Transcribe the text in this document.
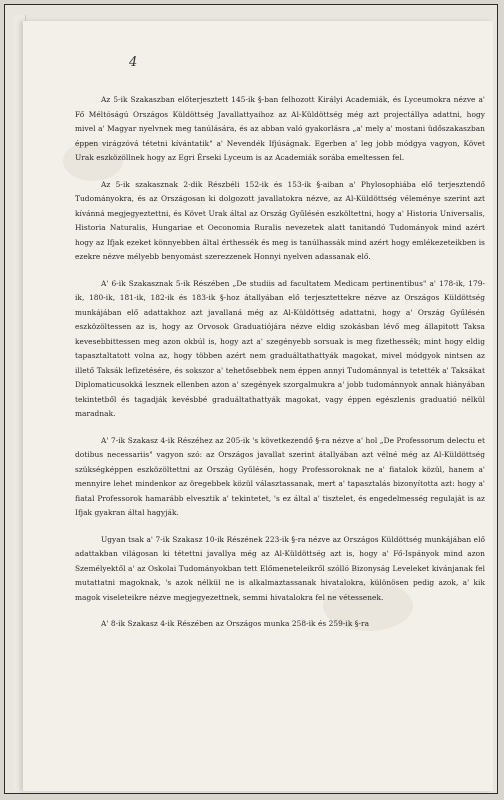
4

Az 5-ik Szakaszban előterjesztett 145-ik §-ban felhozott Királyi Academiák, és Lyceumokra nézve a' Fő Méltóságú Országos Küldöttség Javallattyaihoz az Al-Küldöttség még azt projectállya adattni, hogy mivel a' Magyar nyelvnek meg tanúlására, és az abban való gyakorlásra „a' mely a' mostani üdőszakaszban éppen virágzóvá tétetni kívántatik" a' Nevendék Ifjúságnak. Egerben a' leg jobb módgya vagyon, Követ Urak eszközöllnek hogy az Egri Érseki Lyceum is az Academiák sorába emeltessen fel.

Az 5-ik szakasznak 2-dik Részbéli 152-ik és 153-ik §-aiban a' Phylosophiába elő terjesztendő Tudományokra, és az Országosan ki dolgozott javallatokra nézve, az Al-Küldöttség véleménye szerint azt kívánná megjegyeztettni, és Követ Urak által az Ország Gyűlésén eszköltettni, hogy a' Historia Universalis, Historia Naturalis, Hungariae et Oeconomia Ruralis nevezetek alatt tanitandó Tudományok mind azért hogy az Ifjak ezeket könnyebben által érthessék és meg is tanúlhassák mind azért hogy emlékezeteikben is ezekre nézve mélyebb benyomást szerezzenek Honnyi nyelven adassanak elő.

A' 6-ik Szakasznak 5-ik Részében „De studiis ad facultatem Medicam pertinentibus" a' 178-ik, 179-ik, 180-ik, 181-ik, 182-ik és 183-ik §-hoz átallyában elő terjesztettekre nézve az Országos Küldöttség munkájában elő adattakhoz azt javallaná még az Al-Küldöttség adattatni, hogy a' Ország Gyűlésén eszközöltessen az is, hogy az Orvosok Graduatiójára nézve eldig szokásban lévő meg állapitott Taksa kevesebbittessen meg azon okbúl is, hogy azt a' szegényebb sorsuak is meg fizethessék; mint hogy eldig tapasztaltatott volna az, hogy többen azért nem graduáltathattyák magokat, mivel módgyok nintsen az illető Taksák lefizetésére, és sokszor a' tehetősebbek nem éppen annyi Tudománnyal is tetették a' Taksákat Diplomaticusokká lesznek ellenben azon a' szegények szorgalmukra a' jobb tudománnyok annak hiányában tekintetből és tagadják kevésbbé graduáltathattyák magokat, vagy éppen egészlenis graduatió nélkül maradnak.

A' 7-ik Szakasz 4-ik Részéhez az 205-ik 's következendő §-ra nézve a' hol „De Professorum delectu et dotibus necessariis" vagyon szó: az Országos javallat szerint átallyában azt vélné még az Al-Küldöttség szükségképpen eszközöltettni az Ország Gyűlésén, hogy Professoroknak ne a' fiatalok közül, hanem a' mennyire lehet mindenkor az öregebbek közül választassanak, mert a' tapasztalás bizonyította azt: hogy a' fiatal Professorok hamarább elvesztik a' tekintetet, 's ez által a' tisztelet, és engedelmesség regulaját is az Ifjak gyakran által hagyják.

Ugyan tsak a' 7-ik Szakasz 10-ik Részének 223-ik §-ra nézve az Országos Küldöttség munkájában elő adattakban világosan ki tétettni javallya még az Al-Küldöttség azt is, hogy a' Fő-Ispányok mind azon Személyektől a' az Oskolai Tudományokban tett Előmeneteleikről szólló Bizonyság Leveleket kivánjanak fel mutattatni magoknak, 's azok nélkül ne is alkalmaztassanak hivatalokra, különösen pedig azok, a' kik magok viseleteikre nézve megjegyezettnek, semmi hivatalokra fel ne vétessenek.

A' 8-ik Szakasz 4-ik Részében az Országos munka 258-ik és 259-ik §-ra
